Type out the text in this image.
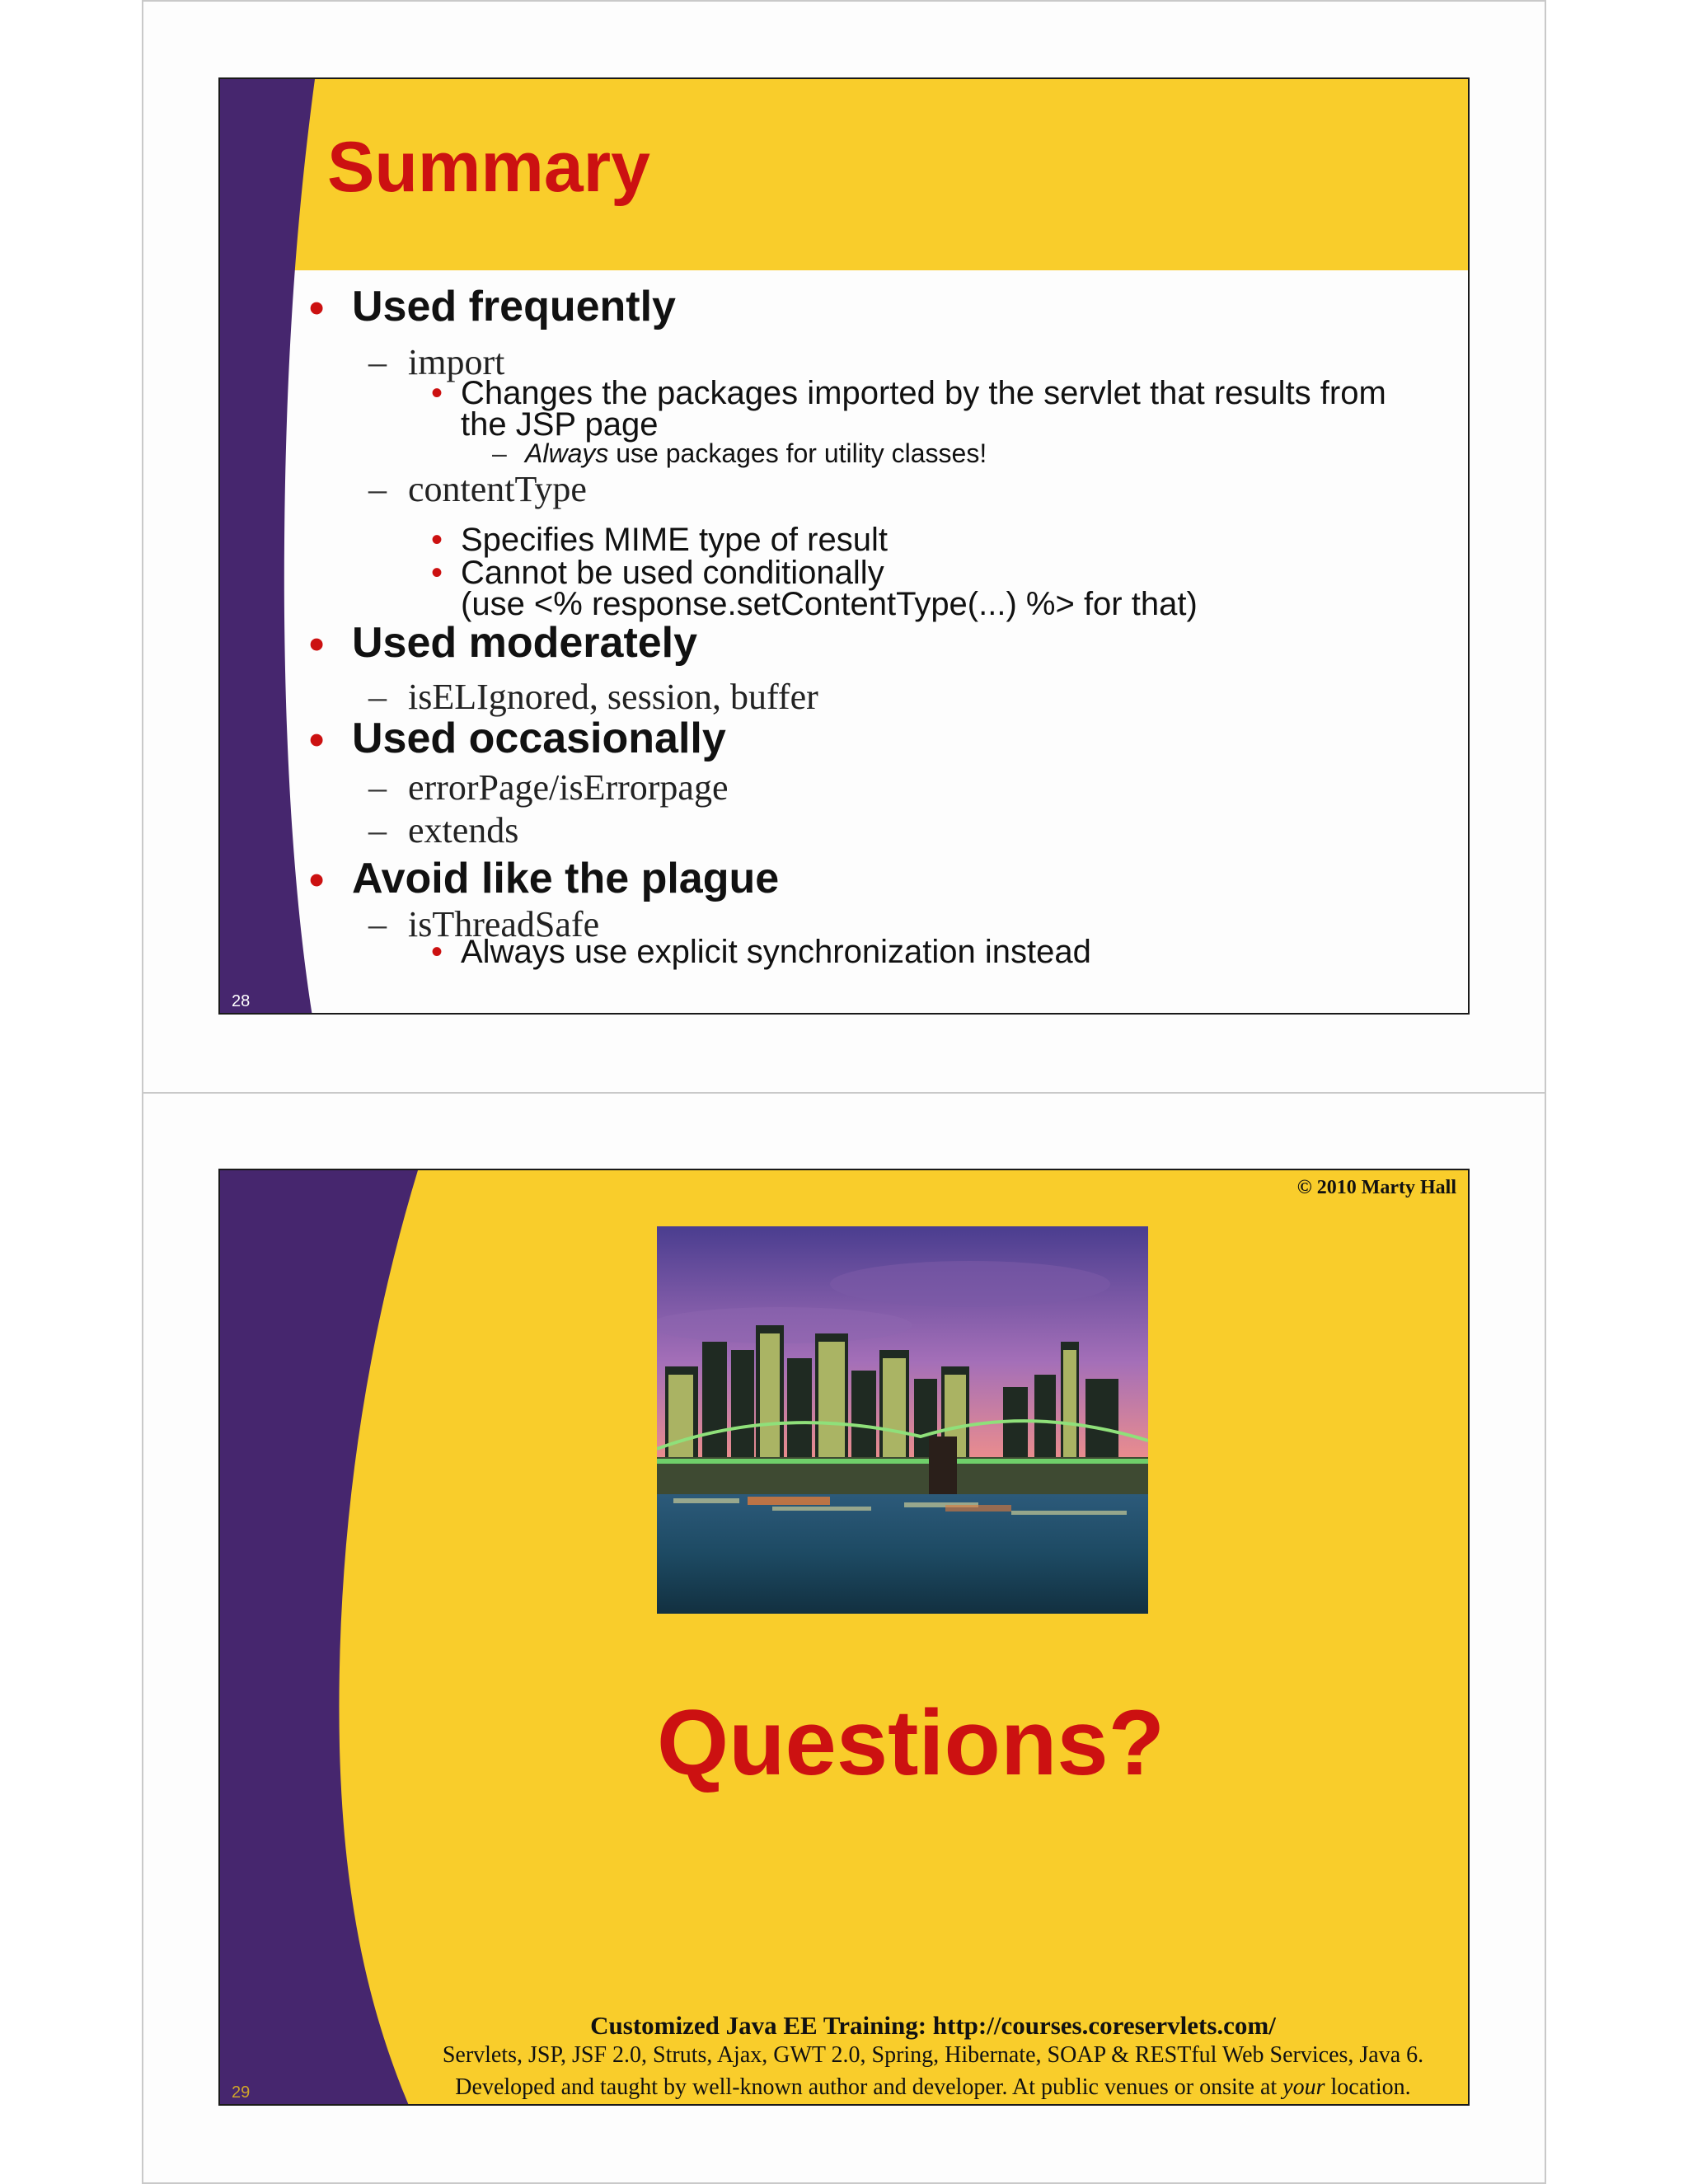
Summary
• Used frequently
– import
• Changes the packages imported by the servlet that results from
the JSP page
– Always use packages for utility classes!
– contentType
• Specifies MIME type of result
• Cannot be used conditionally
(use <% response.setContentType(...) %> for that)
• Used moderately
– isELIgnored, session, buffer
• Used occasionally
– errorPage/isErrorpage
– extends
• Avoid like the plague
– isThreadSafe
• Always use explicit synchronization instead
28
© 2010 Marty Hall
Questions?
Customized Java EE Training: http://courses.coreservlets.com/
Servlets, JSP, JSF 2.0, Struts, Ajax, GWT 2.0, Spring, Hibernate, SOAP & RESTful Web Services, Java 6.
Developed and taught by well-known author and developer. At public venues or onsite at your location.
29
